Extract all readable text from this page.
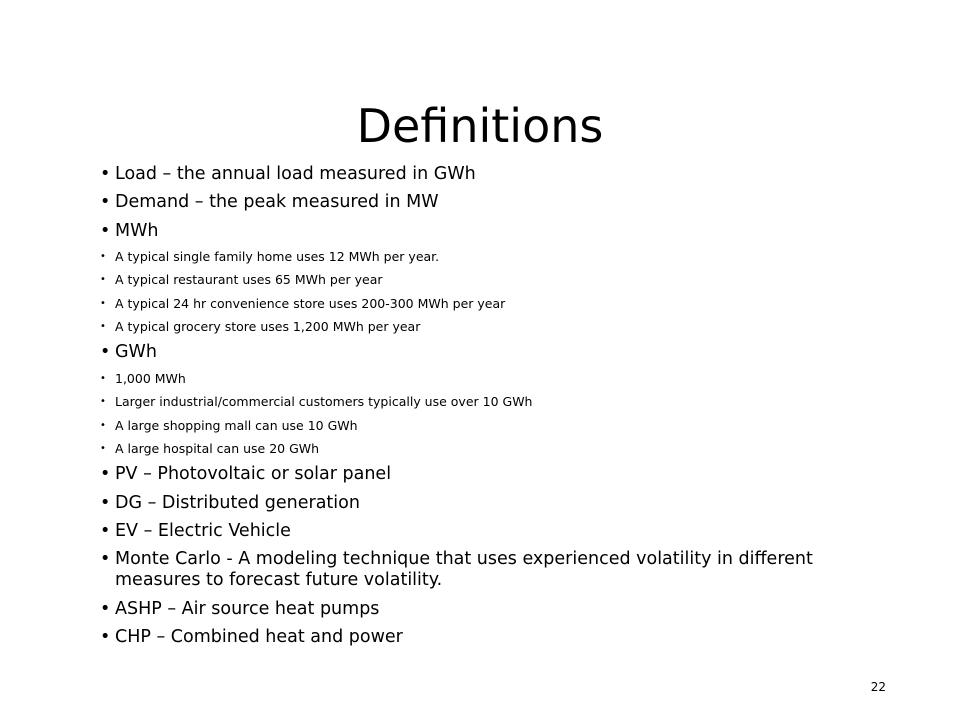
Definitions
• Load – the annual load measured in GWh
• Demand – the peak measured in MW
• MWh
• A typical single family home uses 12 MWh per year.
• A typical restaurant uses 65 MWh per year
• A typical 24 hr convenience store uses 200-300 MWh per year
• A typical grocery store uses 1,200 MWh per year
• GWh
• 1,000 MWh
• Larger industrial/commercial customers typically use over 10 GWh
• A large shopping mall can use 10 GWh
• A large hospital can use 20 GWh
• PV – Photovoltaic or solar panel
• DG – Distributed generation
• EV – Electric Vehicle
• Monte Carlo - A modeling technique that uses experienced volatility in different measures to forecast future volatility.
• ASHP – Air source heat pumps
• CHP – Combined heat and power
22
